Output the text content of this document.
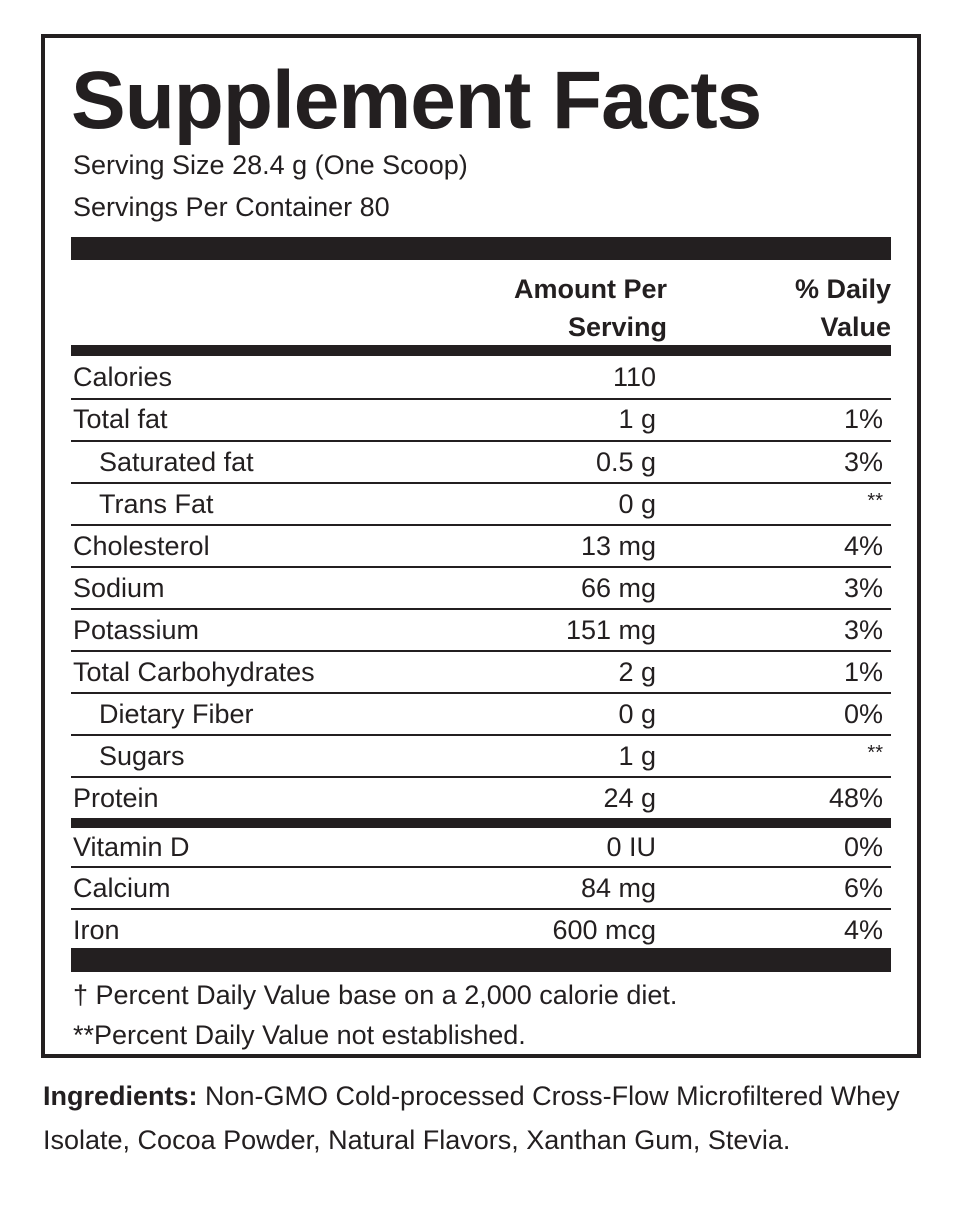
Supplement Facts
Serving Size 28.4 g (One Scoop)
Servings Per Container 80
Amount Per
Serving
% Daily
Value
Calories	110
Total fat	1 g	1%
Saturated fat	0.5 g	3%
Trans Fat	0 g	**
Cholesterol	13 mg	4%
Sodium	66 mg	3%
Potassium	151 mg	3%
Total Carbohydrates	2 g	1%
Dietary Fiber	0 g	0%
Sugars	1 g	**
Protein	24 g	48%
Vitamin D	0 IU	0%
Calcium	84 mg	6%
Iron	600 mcg	4%
† Percent Daily Value base on a 2,000 calorie diet.
**Percent Daily Value not established.
Ingredients: Non-GMO Cold-processed Cross-Flow Microfiltered Whey Isolate, Cocoa Powder, Natural Flavors, Xanthan Gum, Stevia.
